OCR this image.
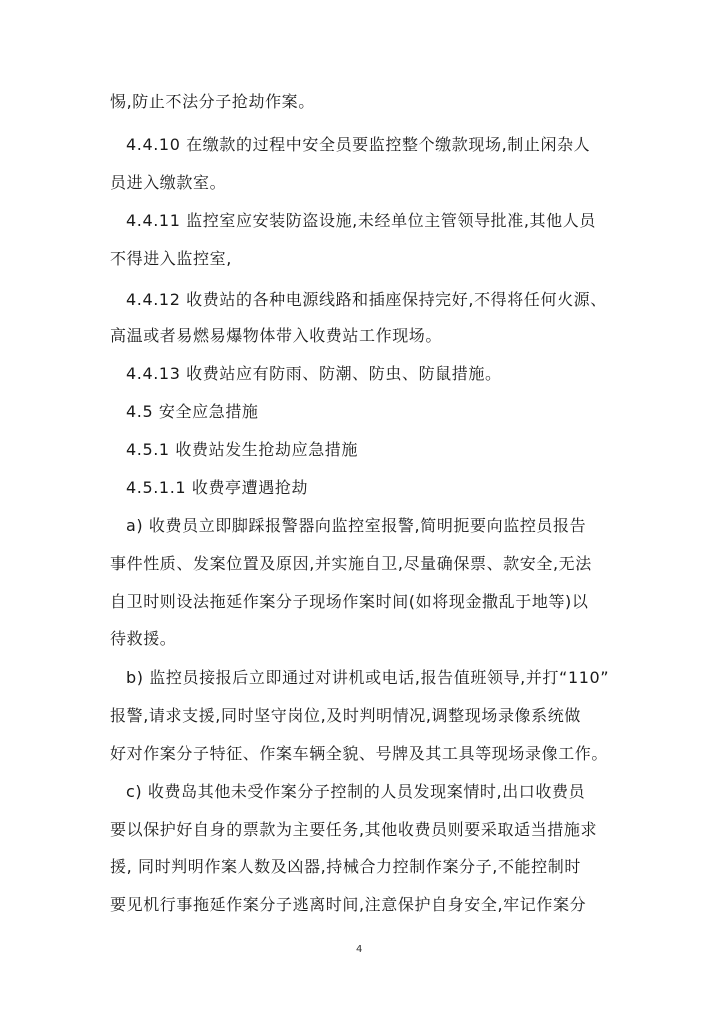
惕,防止不法分子抢劫作案。
4.4.10 在缴款的过程中安全员要监控整个缴款现场,制止闲杂人
员进入缴款室。
4.4.11 监控室应安装防盗设施,未经单位主管领导批准,其他人员
不得进入监控室,
4.4.12 收费站的各种电源线路和插座保持完好,不得将任何火源、
高温或者易燃易爆物体带入收费站工作现场。
4.4.13 收费站应有防雨、防潮、防虫、防鼠措施。
4.5 安全应急措施
4.5.1 收费站发生抢劫应急措施
4.5.1.1 收费亭遭遇抢劫
a) 收费员立即脚踩报警器向监控室报警,简明扼要向监控员报告
事件性质、发案位置及原因,并实施自卫,尽量确保票、款安全,无法
自卫时则设法拖延作案分子现场作案时间(如将现金撒乱于地等)以
待救援。
b) 监控员接报后立即通过对讲机或电话,报告值班领导,并打“110”
报警,请求支援,同时坚守岗位,及时判明情况,调整现场录像系统做
好对作案分子特征、作案车辆全貌、号牌及其工具等现场录像工作。
c) 收费岛其他未受作案分子控制的人员发现案情时,出口收费员
要以保护好自身的票款为主要任务,其他收费员则要采取适当措施求
援, 同时判明作案人数及凶器,持械合力控制作案分子,不能控制时
要见机行事拖延作案分子逃离时间,注意保护自身安全,牢记作案分
4
